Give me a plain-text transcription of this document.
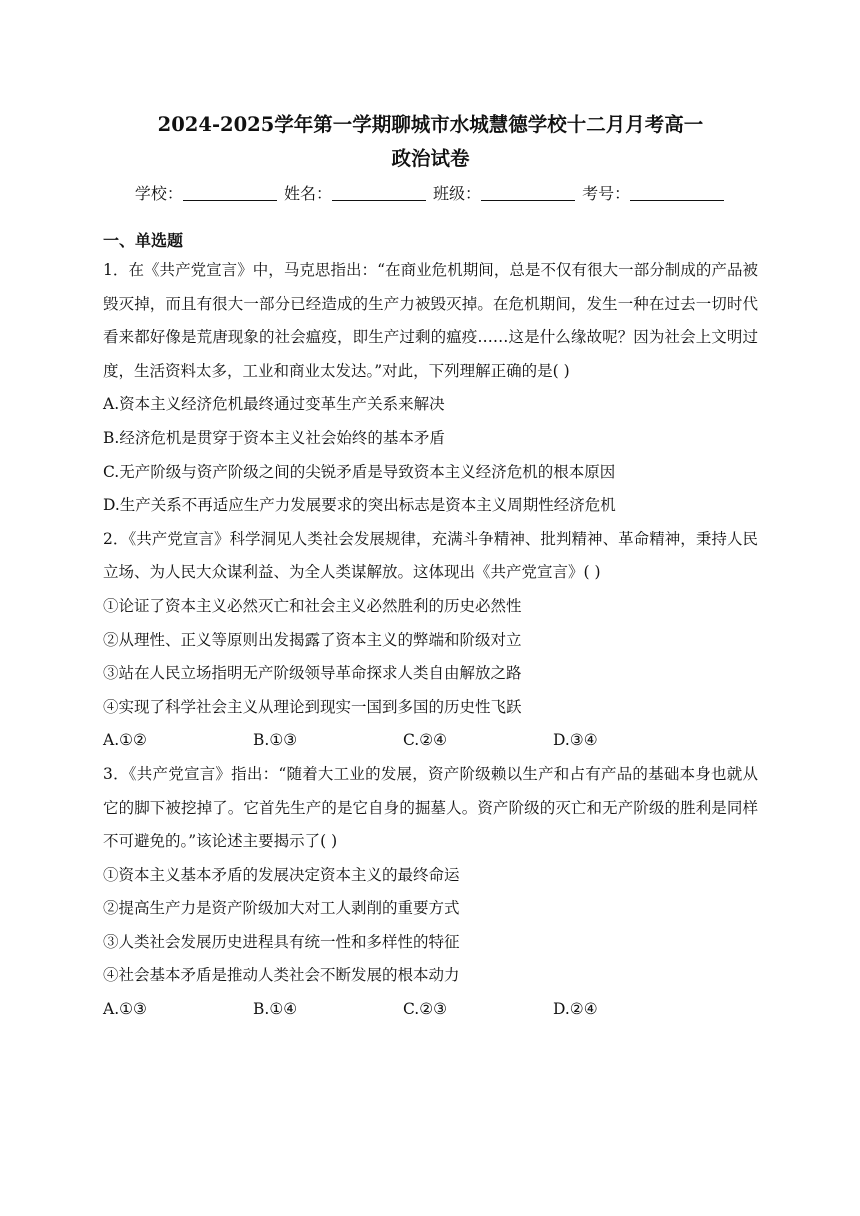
2024-2025学年第一学期聊城市水城慧德学校十二月月考高一

政治试卷

学校：	姓名：	班级：	考号：
一、单选题

1．在《共产党宣言》中，马克思指出：“在商业危机期间，总是不仅有很大一部分制成的产品被毁灭掉，而且有很大一部分已经造成的生产力被毁灭掉。在危机期间，发生一种在过去一切时代看来都好像是荒唐现象的社会瘟疫，即生产过剩的瘟疫……这是什么缘故呢？因为社会上文明过度，生活资料太多，工业和商业太发达。”对此，下列理解正确的是( )

A.资本主义经济危机最终通过变革生产关系来解决

B.经济危机是贯穿于资本主义社会始终的基本矛盾

C.无产阶级与资产阶级之间的尖锐矛盾是导致资本主义经济危机的根本原因

D.生产关系不再适应生产力发展要求的突出标志是资本主义周期性经济危机

2．《共产党宣言》科学洞见人类社会发展规律，充满斗争精神、批判精神、革命精神，秉持人民立场、为人民大众谋利益、为全人类谋解放。这体现出《共产党宣言》( )

①论证了资本主义必然灭亡和社会主义必然胜利的历史必然性

②从理性、正义等原则出发揭露了资本主义的弊端和阶级对立

③站在人民立场指明无产阶级领导革命探求人类自由解放之路

④实现了科学社会主义从理论到现实一国到多国的历史性飞跃

A.①②	B.①③	C.②④	D.③④

3．《共产党宣言》指出：“随着大工业的发展，资产阶级赖以生产和占有产品的基础本身也就从它的脚下被挖掉了。它首先生产的是它自身的掘墓人。资产阶级的灭亡和无产阶级的胜利是同样不可避免的。”该论述主要揭示了( )

①资本主义基本矛盾的发展决定资本主义的最终命运

②提高生产力是资产阶级加大对工人剥削的重要方式

③人类社会发展历史进程具有统一性和多样性的特征

④社会基本矛盾是推动人类社会不断发展的根本动力

A.①③	B.①④	C.②③	D.②④
